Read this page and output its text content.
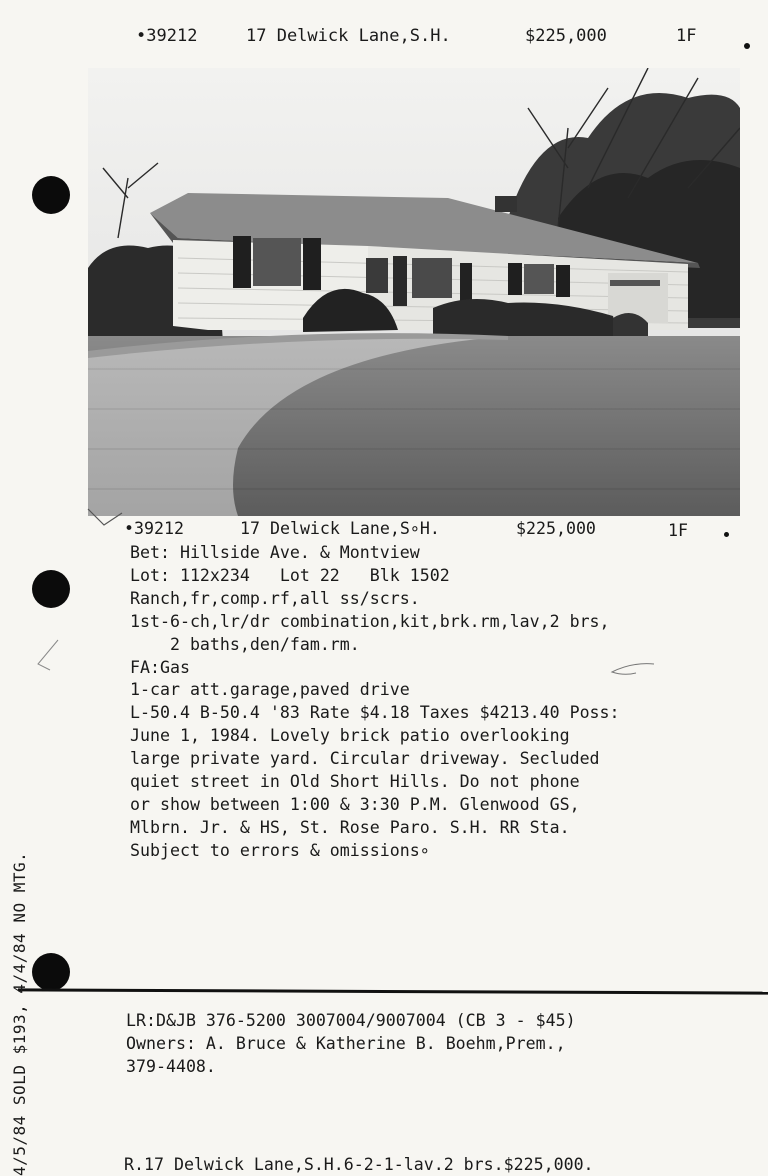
•39212	17 Delwick Lane,S.H.	$225,000	1F
•39212	17 Delwick Lane,S∘H.	$225,000	1F
Bet: Hillside Ave. & Montview
Lot: 112x234   Lot 22   Blk 1502
Ranch,fr,comp.rf,all ss/scrs.
1st-6-ch,lr/dr combination,kit,brk.rm,lav,2 brs,
2 baths,den/fam.rm.
FA:Gas
1-car att.garage,paved drive
L-50.4 B-50.4 '83 Rate $4.18 Taxes $4213.40 Poss:
June 1, 1984. Lovely brick patio overlooking
large private yard. Circular driveway. Secluded
quiet street in Old Short Hills. Do not phone
or show between 1:00 & 3:30 P.M. Glenwood GS,
Mlbrn. Jr. & HS, St. Rose Paro. S.H. RR Sta.
Subject to errors & omissions∘
LR:D&JB 376-5200 3007004/9007004 (CB 3 - $45)
Owners: A. Bruce & Katherine B. Boehm,Prem.,
379-4408.
R.17 Delwick Lane,S.H.6-2-1-lav.2 brs.$225,000.
4/5/84 SOLD $193, 4/4/84 NO MTG.
